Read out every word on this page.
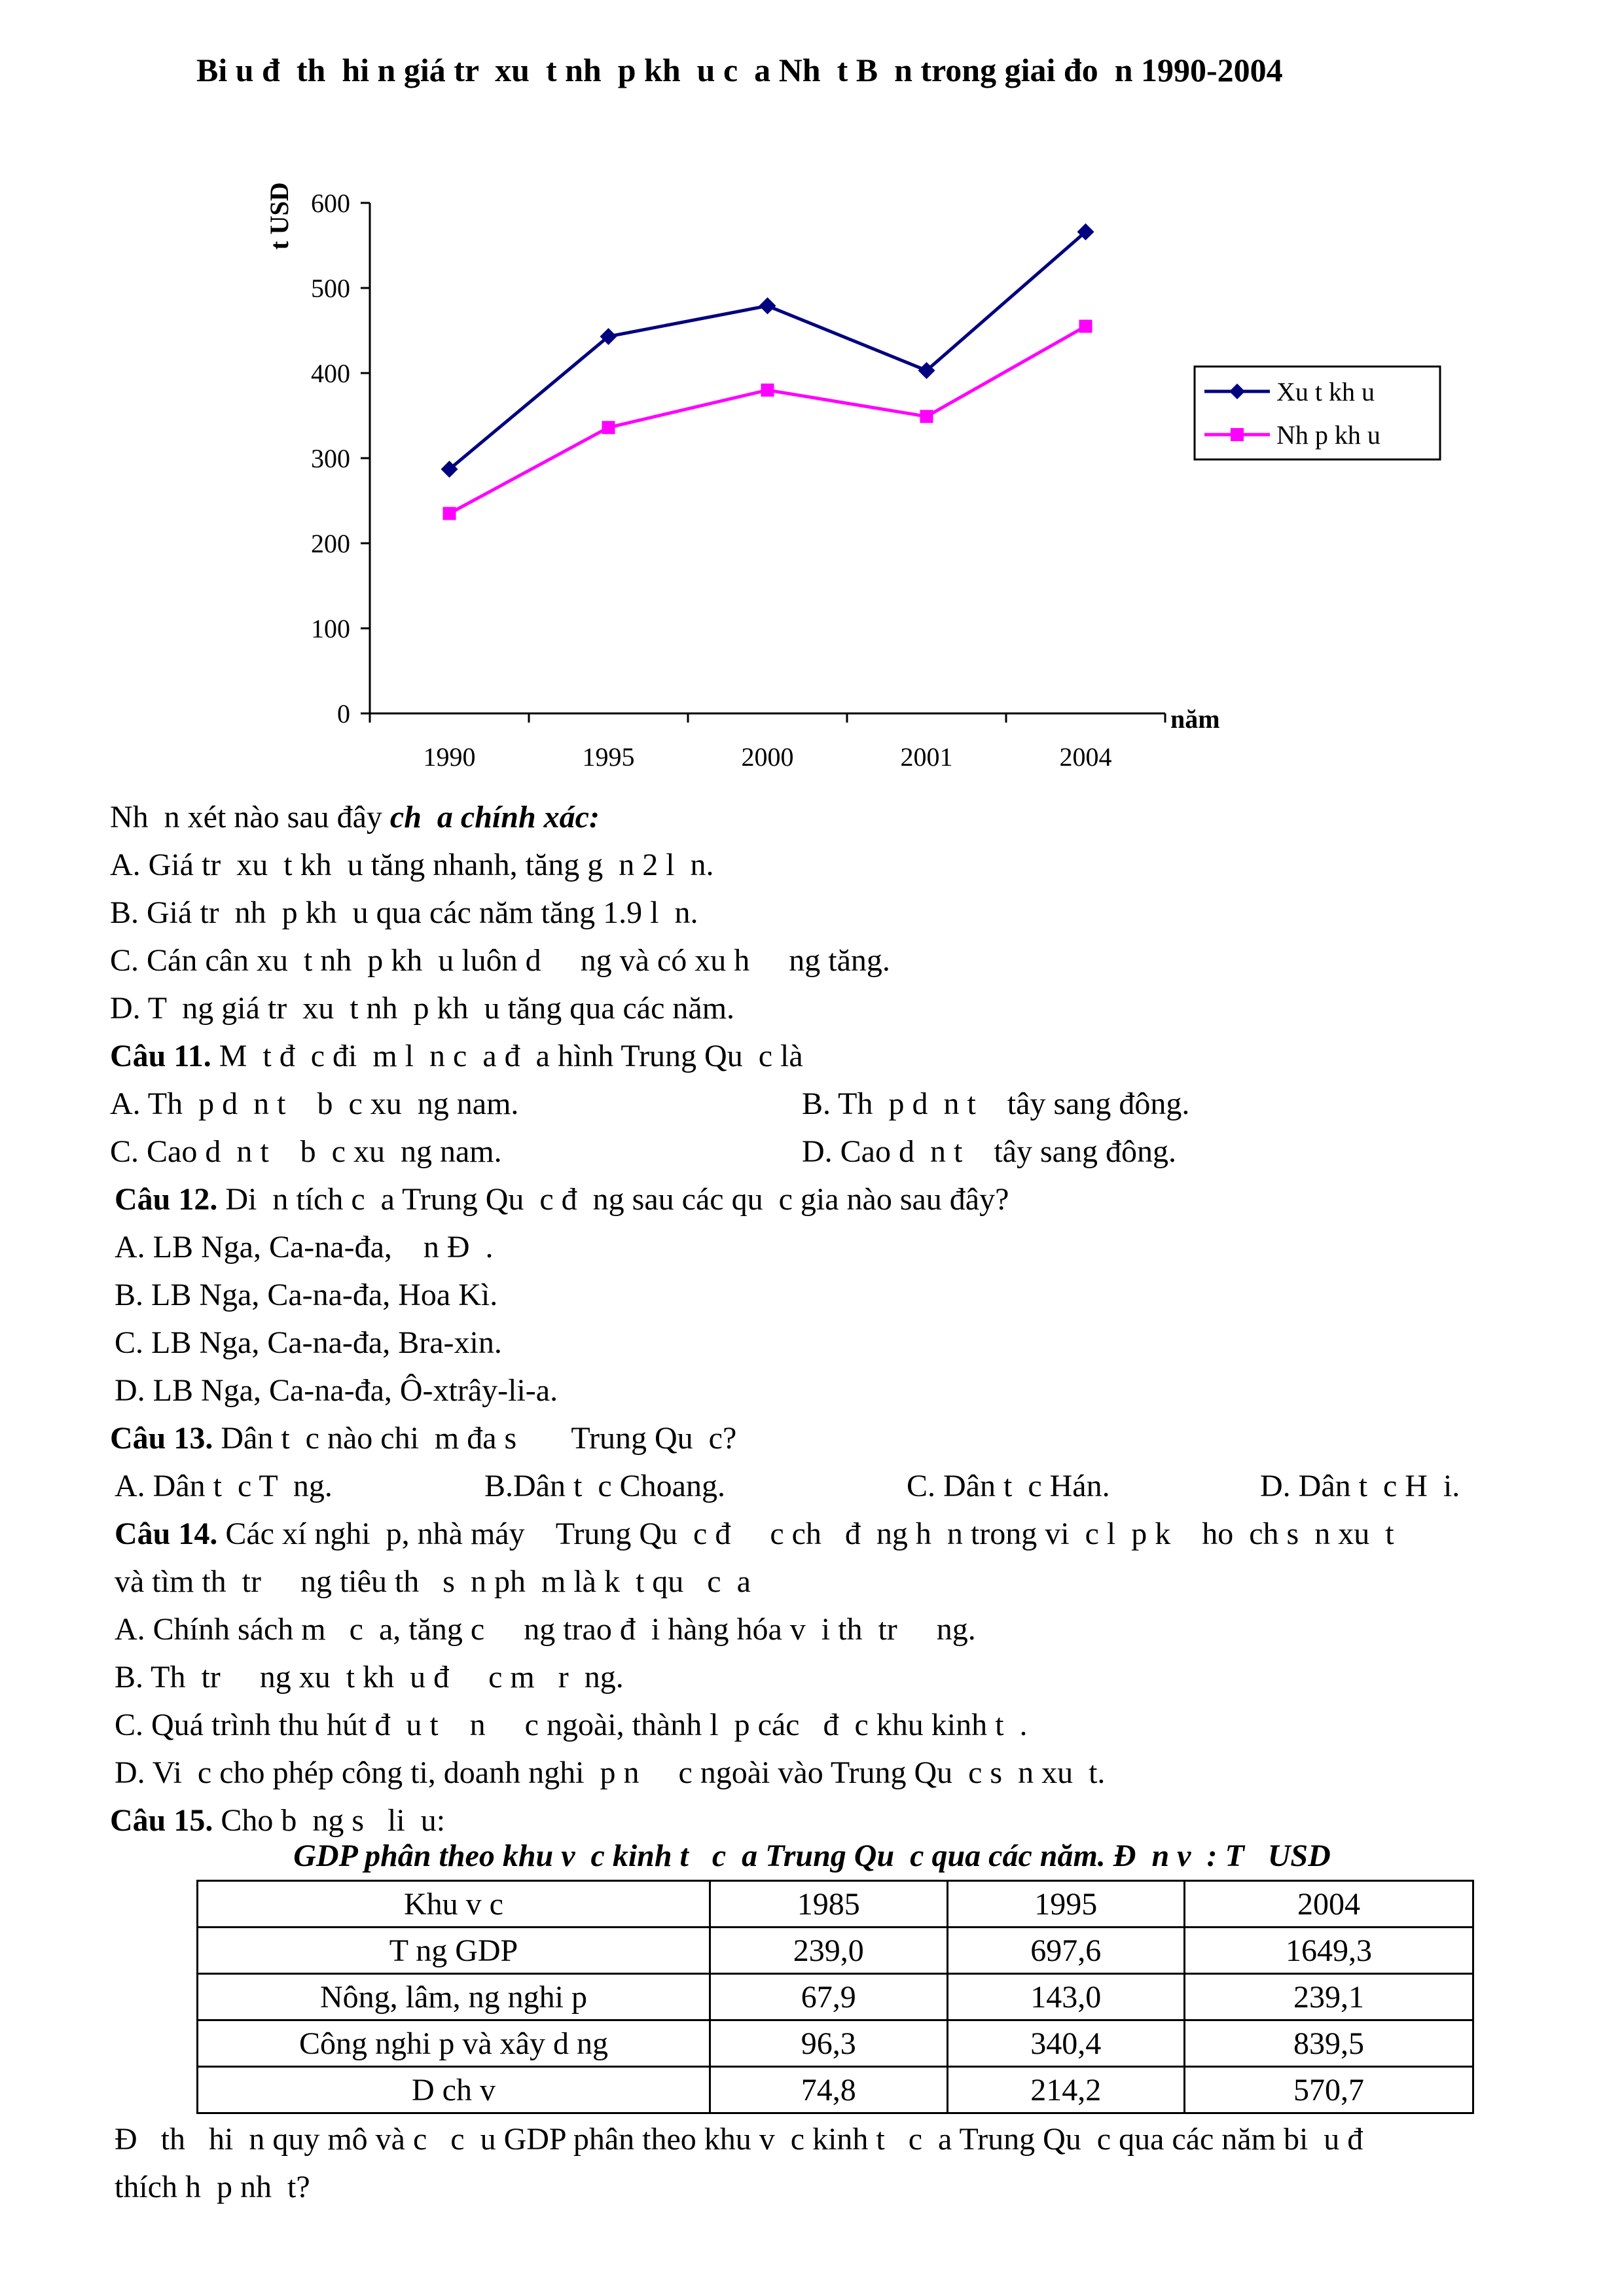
Bi u đ  th  hi n giá tr  xu  t nh  p kh  u c  a Nh  t B  n trong giai đo  n 1990-2004
0
100
200
300
400
500
600
1990	1995	2000	2001	2004
t USD
năm
Xu t kh u
Nh p kh u
Nh  n xét nào sau đây ch  a chính xác:
A. Giá tr  xu  t kh  u tăng nhanh, tăng g  n 2 l  n.
B. Giá tr  nh  p kh  u qua các năm tăng 1.9 l  n.
C. Cán cân xu  t nh  p kh  u luôn d     ng và có xu h     ng tăng.
D. T  ng giá tr  xu  t nh  p kh  u tăng qua các năm.
Câu 11. M  t đ  c đi  m l  n c  a đ  a hình Trung Qu  c là
A. Th  p d  n t    b  c xu  ng nam.	B. Th  p d  n t    tây sang đông.
C. Cao d  n t    b  c xu  ng nam.	D. Cao d  n t    tây sang đông.
Câu 12. Di  n tích c  a Trung Qu  c đ  ng sau các qu  c gia nào sau đây?
A. LB Nga, Ca-na-đa,    n Đ  .
B. LB Nga, Ca-na-đa, Hoa Kì.
C. LB Nga, Ca-na-đa, Bra-xin.
D. LB Nga, Ca-na-đa, Ô-xtrây-li-a.
Câu 13. Dân t  c nào chi  m đa s       Trung Qu  c?
A. Dân t  c T  ng.	B.Dân t  c Choang.	C. Dân t  c Hán.	D. Dân t  c H  i.
Câu 14. Các xí nghi  p, nhà máy    Trung Qu  c đ     c ch   đ  ng h  n trong vi  c l  p k    ho  ch s  n xu  t
và tìm th  tr     ng tiêu th   s  n ph  m là k  t qu   c  a
A. Chính sách m   c  a, tăng c     ng trao đ  i hàng hóa v  i th  tr     ng.
B. Th  tr     ng xu  t kh  u đ     c m   r  ng.
C. Quá trình thu hút đ  u t    n     c ngoài, thành l  p các   đ  c khu kinh t  .
D. Vi  c cho phép công ti, doanh nghi  p n     c ngoài vào Trung Qu  c s  n xu  t.
Câu 15. Cho b  ng s   li  u:
GDP phân theo khu v  c kinh t   c  a Trung Qu  c qua các năm. Đ  n v  : T   USD
Khu v c	1985	1995	2004
T ng GDP	239,0	697,6	1649,3
Nông, lâm, ng nghi p	67,9	143,0	239,1
Công nghi p và xây d ng	96,3	340,4	839,5
D ch v	74,8	214,2	570,7
Đ   th   hi  n quy mô và c   c  u GDP phân theo khu v  c kinh t   c  a Trung Qu  c qua các năm bi  u đ
thích h  p nh  t?
